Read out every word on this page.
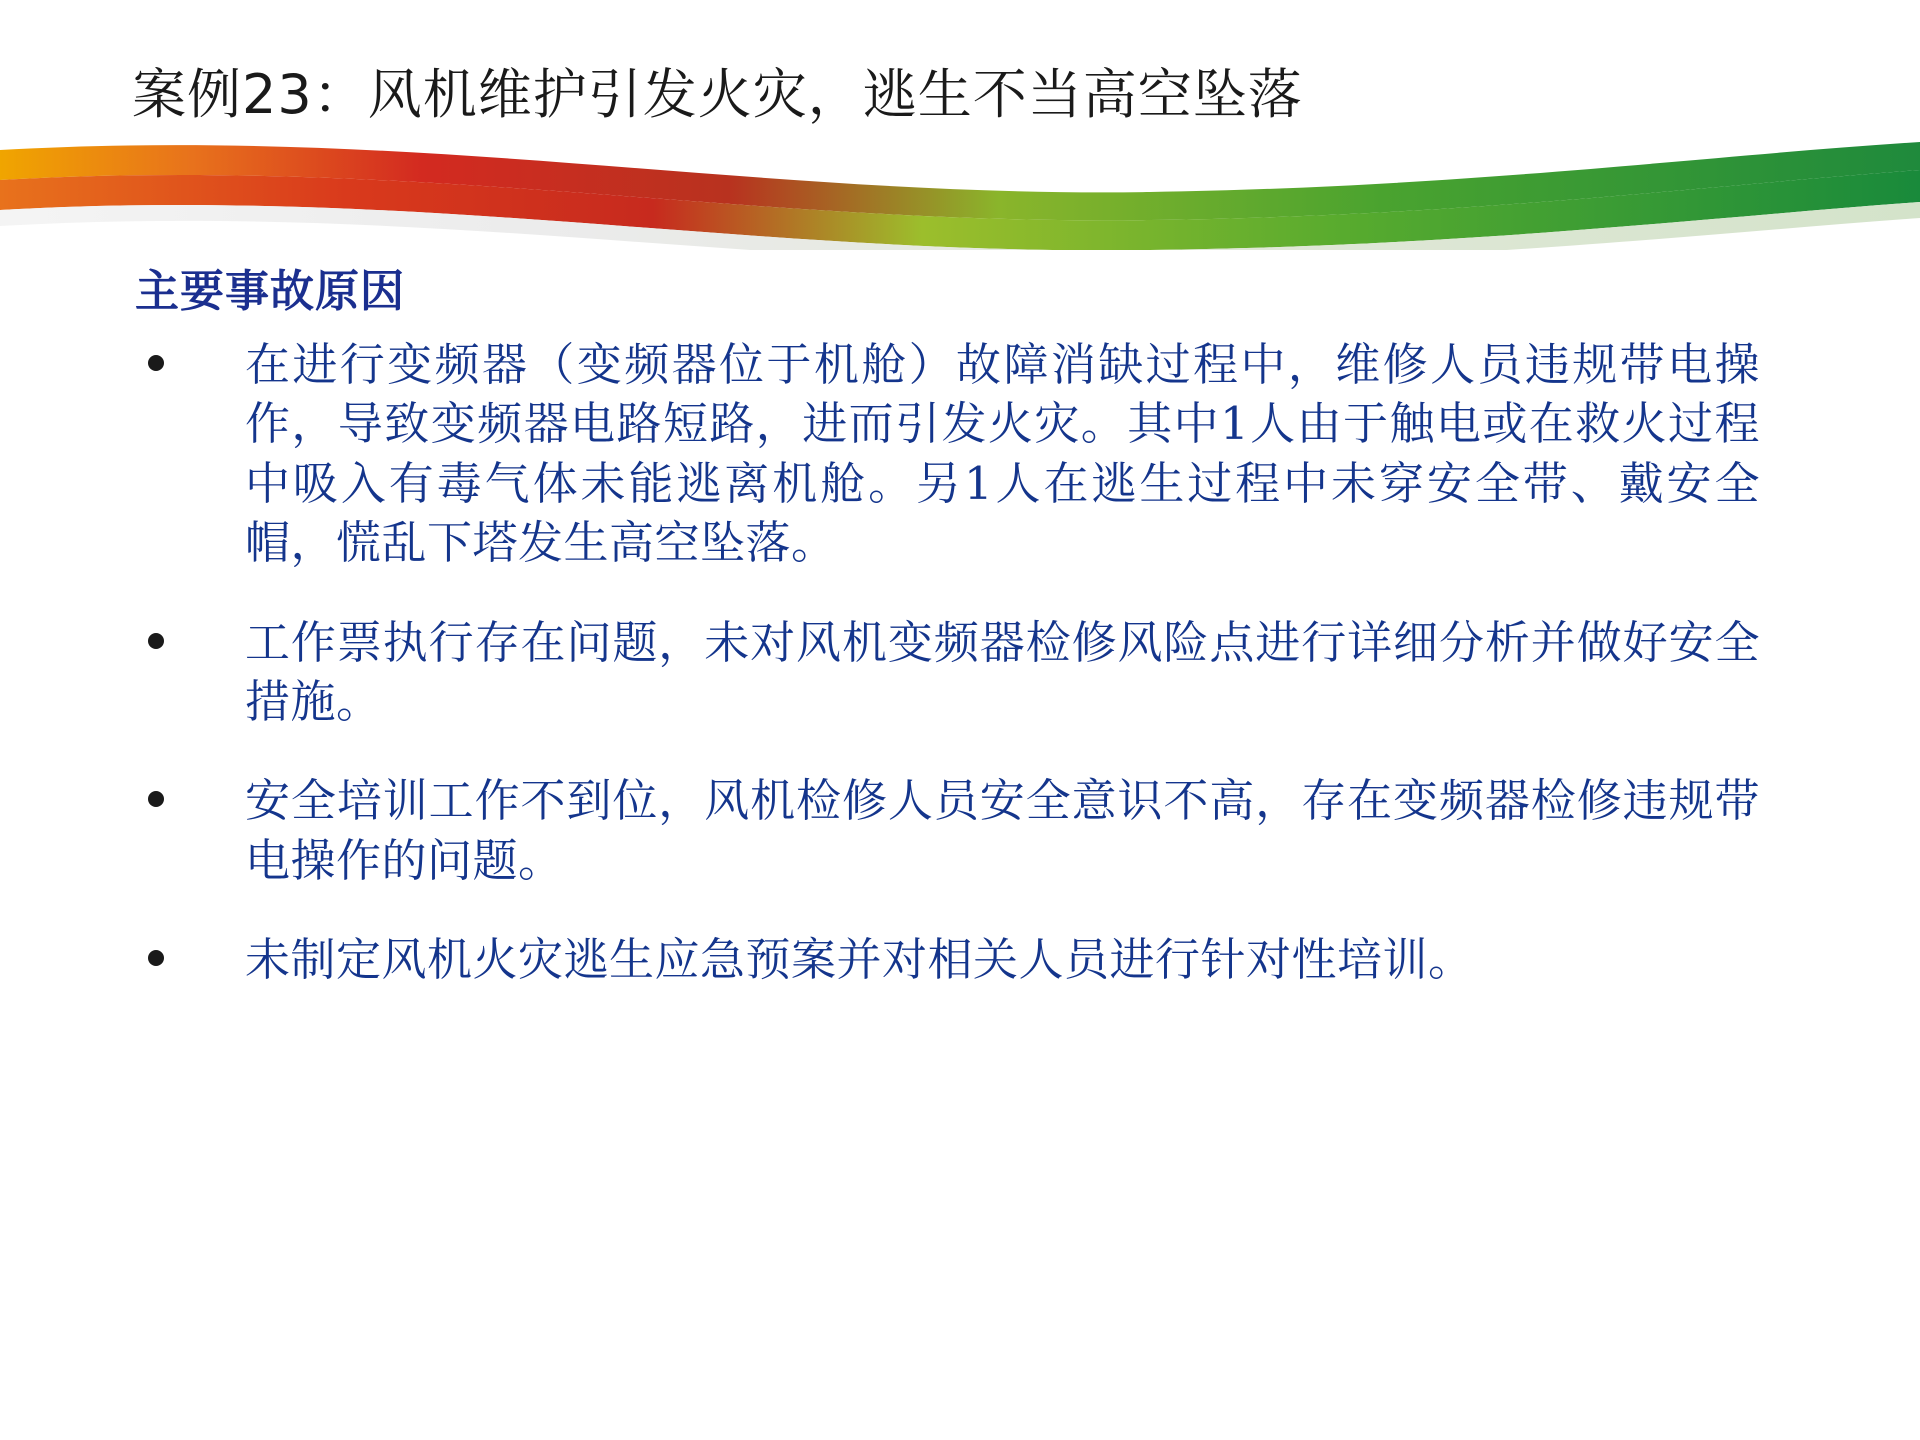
案例23：风机维护引发火灾，逃生不当高空坠落
主要事故原因
在进行变频器（变频器位于机舱）故障消缺过程中，维修人员违规带电操作，导致变频器电路短路，进而引发火灾。其中1人由于触电或在救火过程中吸入有毒气体未能逃离机舱。另1人在逃生过程中未穿安全带、戴安全帽，慌乱下塔发生高空坠落。
工作票执行存在问题，未对风机变频器检修风险点进行详细分析并做好安全措施。
安全培训工作不到位，风机检修人员安全意识不高，存在变频器检修违规带电操作的问题。
未制定风机火灾逃生应急预案并对相关人员进行针对性培训。
